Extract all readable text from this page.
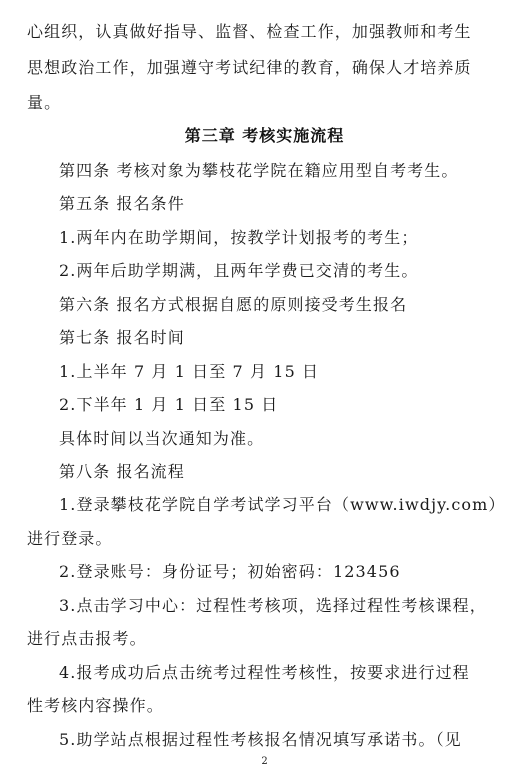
心组织，认真做好指导、监督、检查工作，加强教师和考生
思想政治工作，加强遵守考试纪律的教育，确保人才培养质
量。
第三章 考核实施流程
第四条 考核对象为攀枝花学院在籍应用型自考考生。
第五条 报名条件
1.两年内在助学期间，按教学计划报考的考生；
2.两年后助学期满，且两年学费已交清的考生。
第六条 报名方式根据自愿的原则接受考生报名
第七条 报名时间
1.上半年 7 月 1 日至 7 月 15 日
2.下半年 1 月 1 日至 15 日
具体时间以当次通知为准。
第八条 报名流程
1.登录攀枝花学院自学考试学习平台（www.iwdjy.com）
进行登录。
2.登录账号：身份证号；初始密码：123456
3.点击学习中心：过程性考核项，选择过程性考核课程，
进行点击报考。
4.报考成功后点击统考过程性考核性，按要求进行过程
性考核内容操作。
5.助学站点根据过程性考核报名情况填写承诺书。（见
2
